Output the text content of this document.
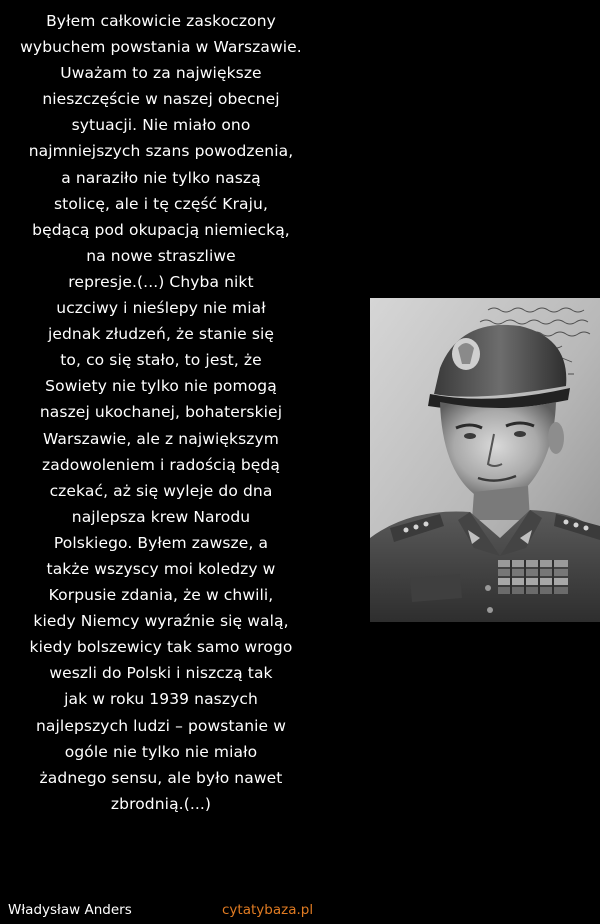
Byłem całkowicie zaskoczony
wybuchem powstania w Warszawie.
Uważam to za największe
nieszczęście w naszej obecnej
sytuacji. Nie miało ono
najmniejszych szans powodzenia,
a naraziło nie tylko naszą
stolicę, ale i tę część Kraju,
będącą pod okupacją niemiecką,
na nowe straszliwe
represje.(...) Chyba nikt
uczciwy i nieślepy nie miał
jednak złudzeń, że stanie się
to, co się stało, to jest, że
Sowiety nie tylko nie pomogą
naszej ukochanej, bohaterskiej
Warszawie, ale z największym
zadowoleniem i radością będą
czekać, aż się wyleje do dna
najlepsza krew Narodu
Polskiego. Byłem zawsze, a
także wszyscy moi koledzy w
Korpusie zdania, że w chwili,
kiedy Niemcy wyraźnie się walą,
kiedy bolszewicy tak samo wrogo
weszli do Polski i niszczą tak
jak w roku 1939 naszych
najlepszych ludzi – powstanie w
ogóle nie tylko nie miało
żadnego sensu, ale było nawet
zbrodnią.(...)
Władysław Anders	cytatybaza.pl
